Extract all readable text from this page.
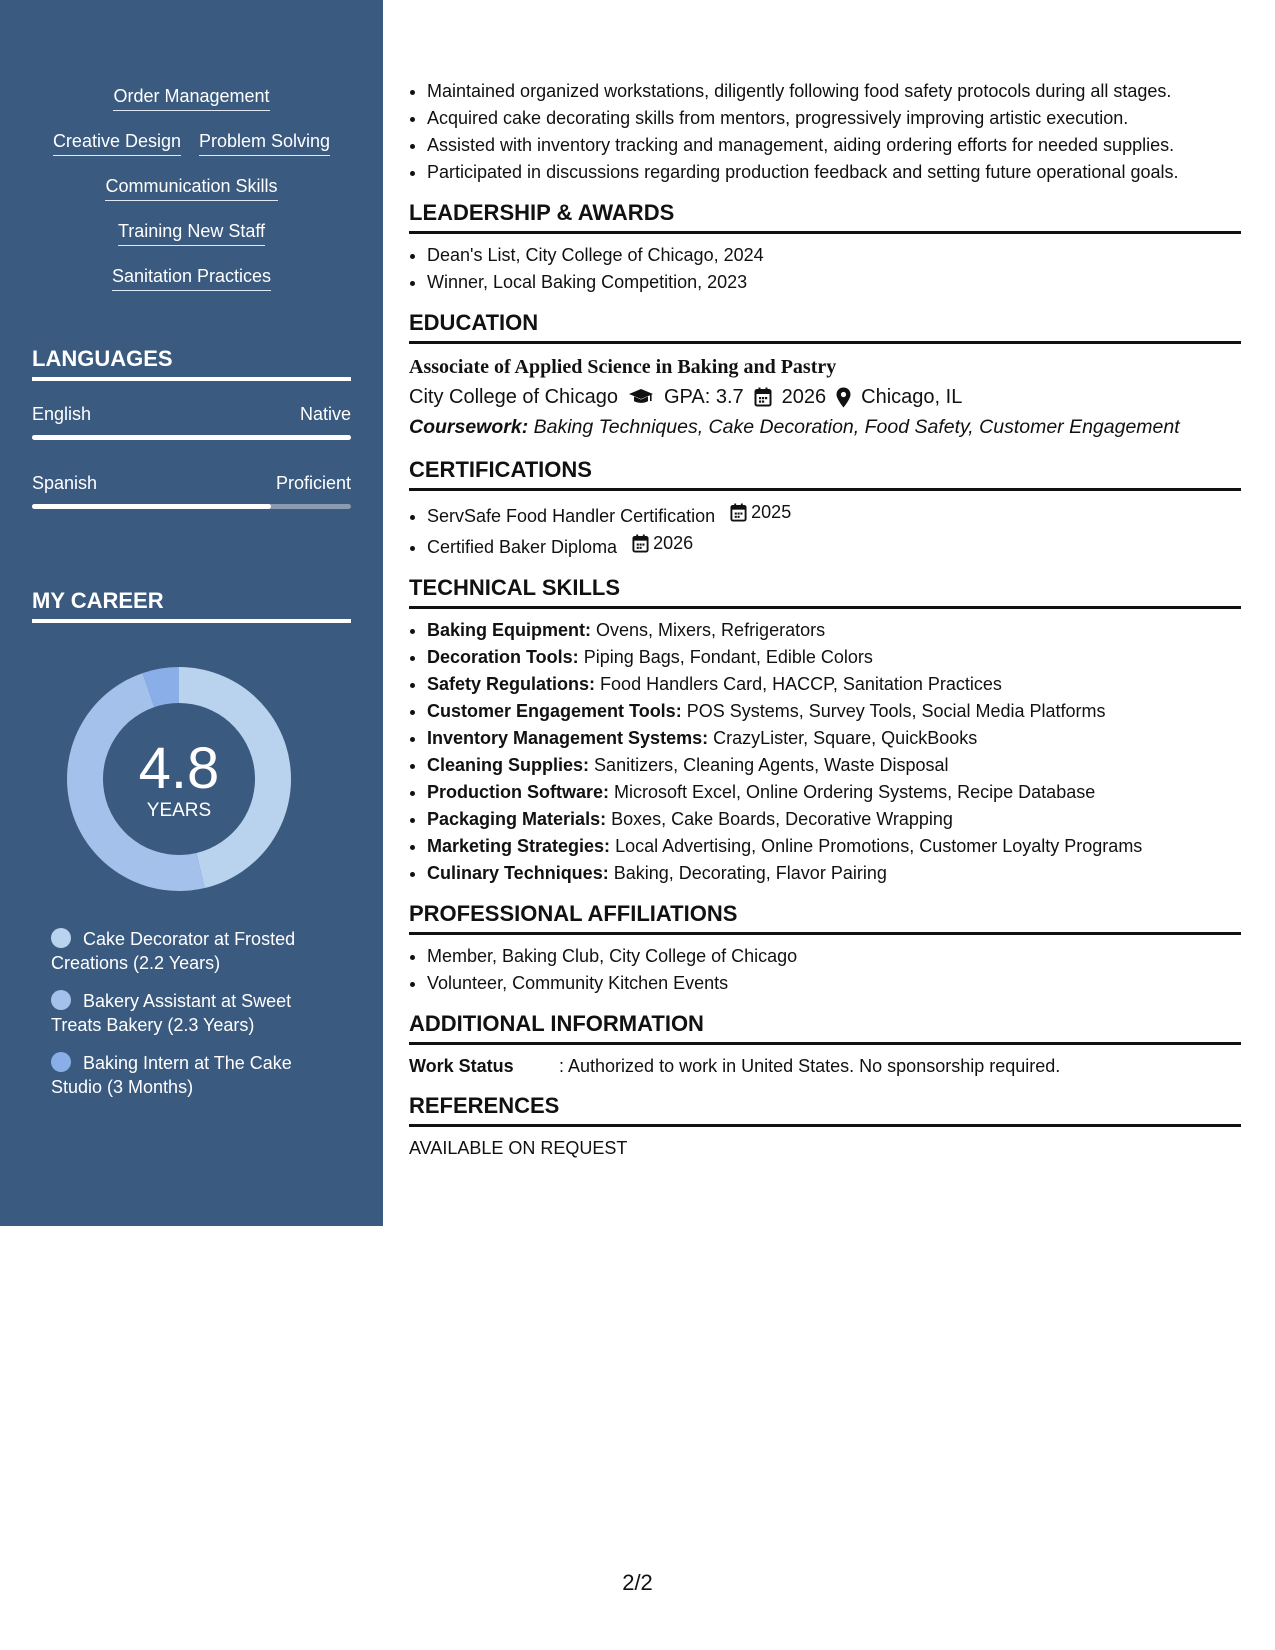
Order Management
Creative Design Problem Solving
Communication Skills
Training New Staff
Sanitation Practices
LANGUAGES
English	Native
Spanish	Proficient
MY CAREER
4.8
YEARS
Cake Decorator at Frosted Creations (2.2 Years)
Bakery Assistant at Sweet Treats Bakery (2.3 Years)
Baking Intern at The Cake Studio (3 Months)
• Maintained organized workstations, diligently following food safety protocols during all stages.
• Acquired cake decorating skills from mentors, progressively improving artistic execution.
• Assisted with inventory tracking and management, aiding ordering efforts for needed supplies.
• Participated in discussions regarding production feedback and setting future operational goals.
LEADERSHIP & AWARDS
• Dean's List, City College of Chicago, 2024
• Winner, Local Baking Competition, 2023
EDUCATION
Associate of Applied Science in Baking and Pastry
City College of Chicago GPA: 3.7 2026 Chicago, IL
Coursework: Baking Techniques, Cake Decoration, Food Safety, Customer Engagement
CERTIFICATIONS
• ServSafe Food Handler Certification 2025
• Certified Baker Diploma 2026
TECHNICAL SKILLS
• Baking Equipment: Ovens, Mixers, Refrigerators
• Decoration Tools: Piping Bags, Fondant, Edible Colors
• Safety Regulations: Food Handlers Card, HACCP, Sanitation Practices
• Customer Engagement Tools: POS Systems, Survey Tools, Social Media Platforms
• Inventory Management Systems: CrazyLister, Square, QuickBooks
• Cleaning Supplies: Sanitizers, Cleaning Agents, Waste Disposal
• Production Software: Microsoft Excel, Online Ordering Systems, Recipe Database
• Packaging Materials: Boxes, Cake Boards, Decorative Wrapping
• Marketing Strategies: Local Advertising, Online Promotions, Customer Loyalty Programs
• Culinary Techniques: Baking, Decorating, Flavor Pairing
PROFESSIONAL AFFILIATIONS
• Member, Baking Club, City College of Chicago
• Volunteer, Community Kitchen Events
ADDITIONAL INFORMATION
Work Status	: Authorized to work in United States. No sponsorship required.
REFERENCES
AVAILABLE ON REQUEST
2/2
